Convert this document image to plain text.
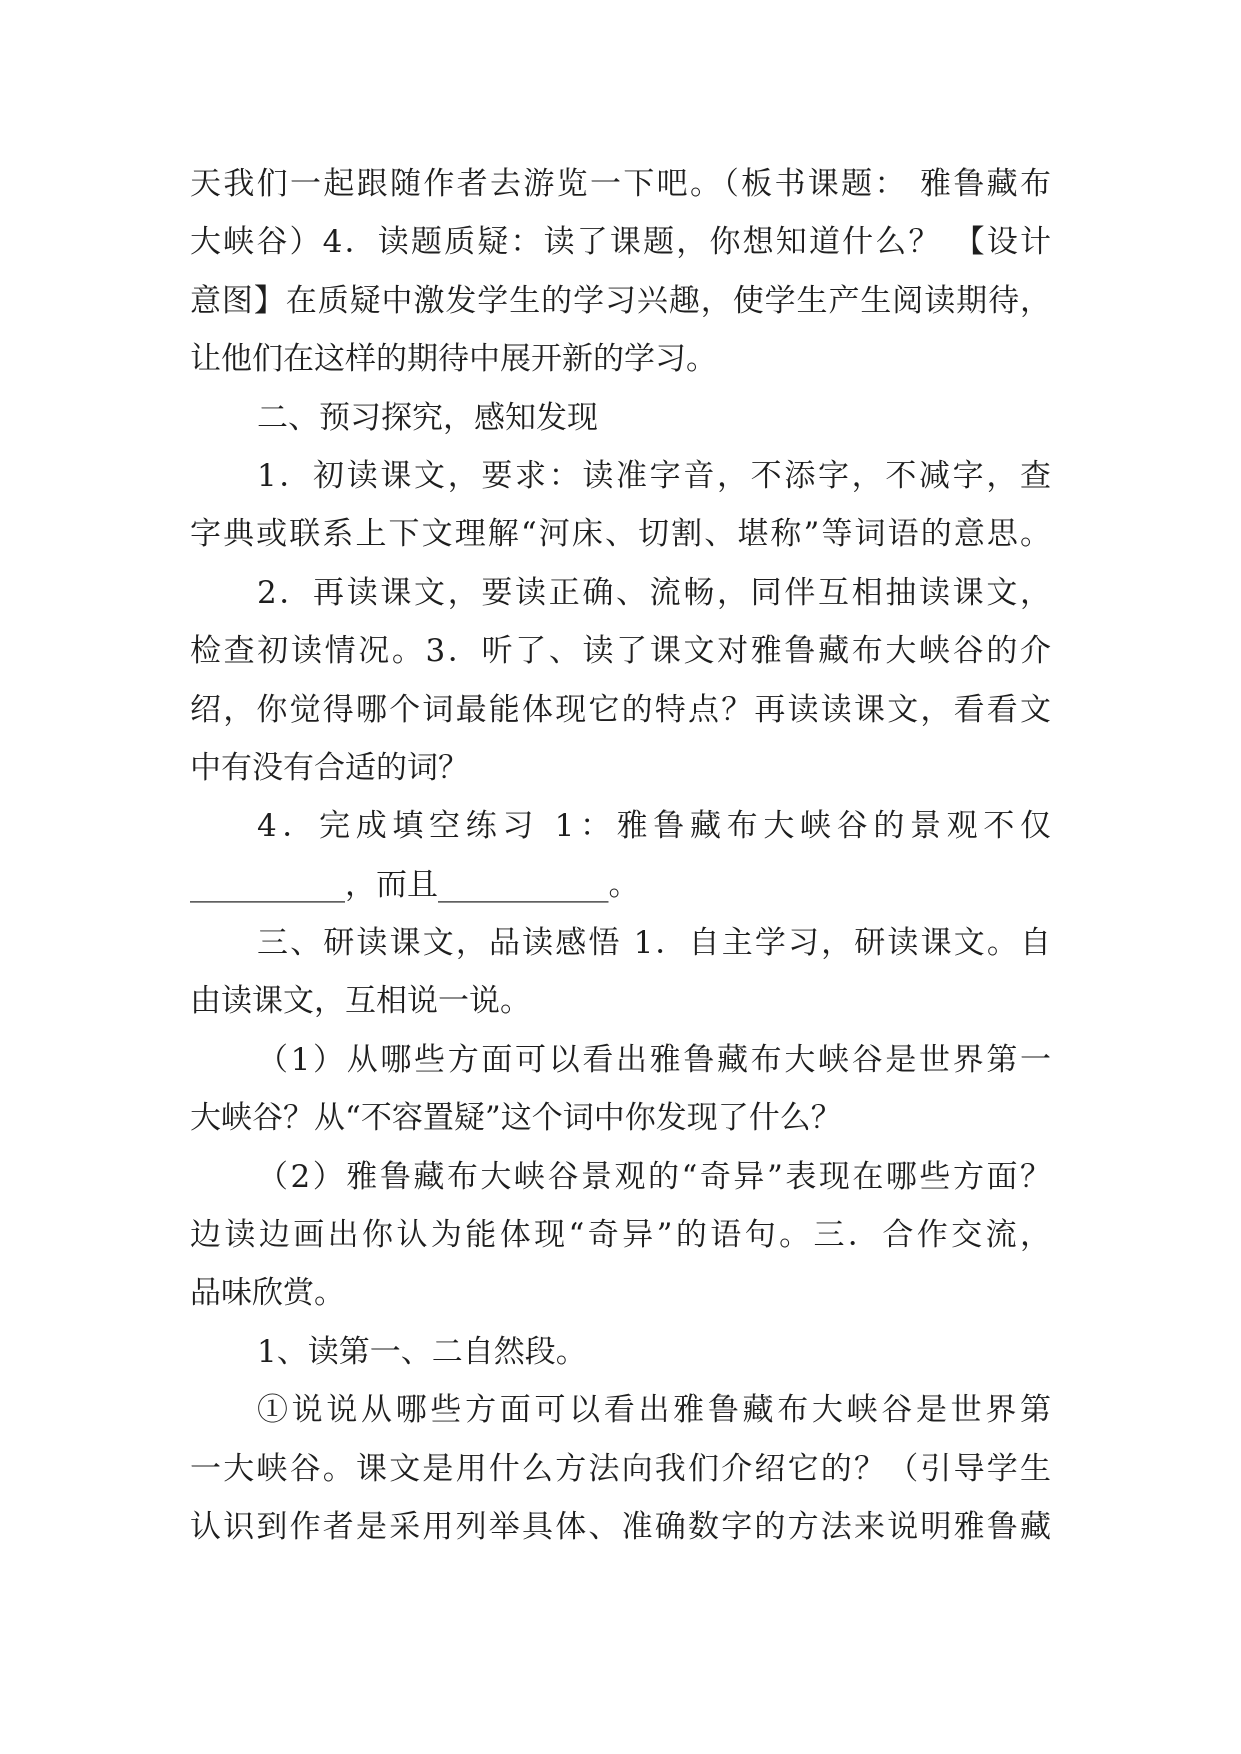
天我们一起跟随作者去游览一下吧。（板书课题： 雅鲁藏布
大峡谷）4．读题质疑：读了课题，你想知道什么？ 【设计
意图】在质疑中激发学生的学习兴趣，使学生产生阅读期待，
让他们在这样的期待中展开新的学习。
二、预习探究，感知发现
1．初读课文，要求：读准字音，不添字，不减字，查
字典或联系上下文理解“河床、切割、堪称”等词语的意思。
2．再读课文，要读正确、流畅，同伴互相抽读课文，
检查初读情况。3．听了、读了课文对雅鲁藏布大峡谷的介
绍，你觉得哪个词最能体现它的特点？再读读课文，看看文
中有没有合适的词？
4．完成填空练习 1：雅鲁藏布大峡谷的景观不仅
__________，而且___________。
三、研读课文，品读感悟 1．自主学习，研读课文。自
由读课文，互相说一说。
（1）从哪些方面可以看出雅鲁藏布大峡谷是世界第一
大峡谷？从“不容置疑”这个词中你发现了什么？
（2）雅鲁藏布大峡谷景观的“奇异”表现在哪些方面？
边读边画出你认为能体现“奇异”的语句。三．合作交流，
品味欣赏。
1、读第一、二自然段。
①说说从哪些方面可以看出雅鲁藏布大峡谷是世界第
一大峡谷。课文是用什么方法向我们介绍它的？（引导学生
认识到作者是采用列举具体、准确数字的方法来说明雅鲁藏
